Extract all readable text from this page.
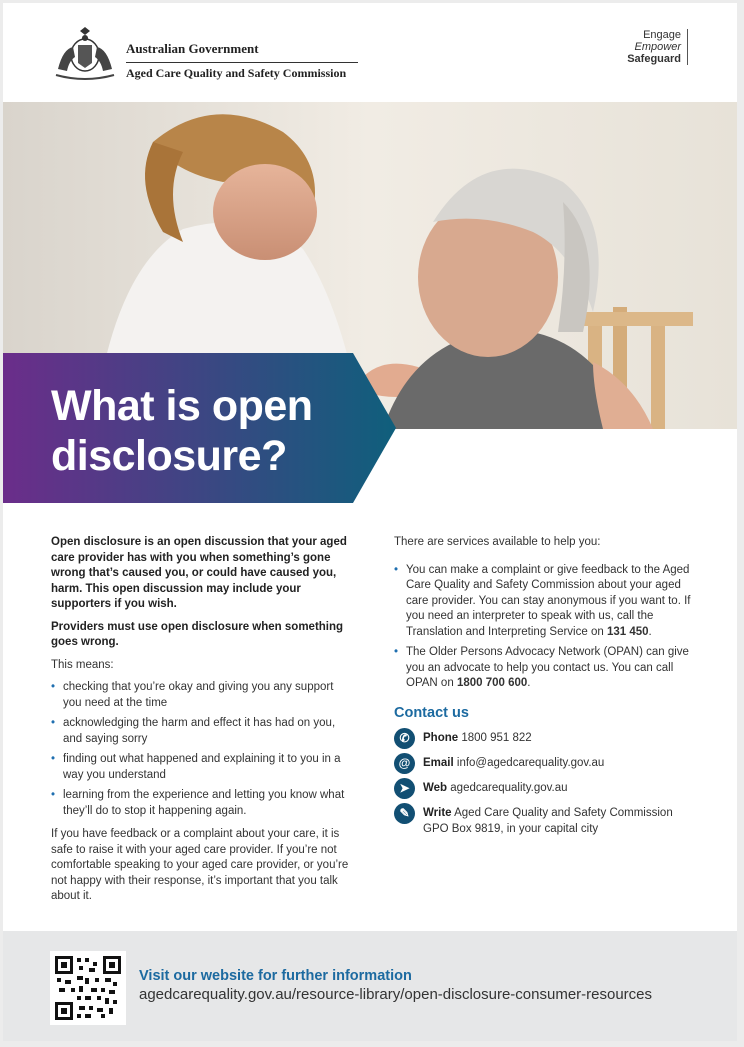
Australian Government
Aged Care Quality and Safety Commission
Engage
Empower
Safeguard
What is open
disclosure?

Open disclosure is an open discussion that your aged care provider has with you when something’s gone wrong that’s caused you, or could have caused you, harm. This open discussion may include your supporters if you wish.

Providers must use open disclosure when something goes wrong.

This means:

• checking that you’re okay and giving you any support you need at the time
• acknowledging the harm and effect it has had on you, and saying sorry
• finding out what happened and explaining it to you in a way you understand
• learning from the experience and letting you know what they’ll do to stop it happening again.

If you have feedback or a complaint about your care, it is safe to raise it with your aged care provider. If you’re not comfortable speaking to your aged care provider, or you’re not happy with their response, it’s important that you talk about it.

There are services available to help you:

• You can make a complaint or give feedback to the Aged Care Quality and Safety Commission about your aged care provider. You can stay anonymous if you want to. If you need an interpreter to speak with us, call the Translation and Interpreting Service on 131 450.
• The Older Persons Advocacy Network (OPAN) can give you an advocate to help you contact us. You can call OPAN on 1800 700 600.
Contact us
✆	Phone 1800 951 822
@	Email info@agedcarequality.gov.au
➤	Web agedcarequality.gov.au
✎	Write Aged Care Quality and Safety Commission GPO Box 9819, in your capital city
Visit our website for further information
agedcarequality.gov.au/resource-library/open-disclosure-consumer-resources
